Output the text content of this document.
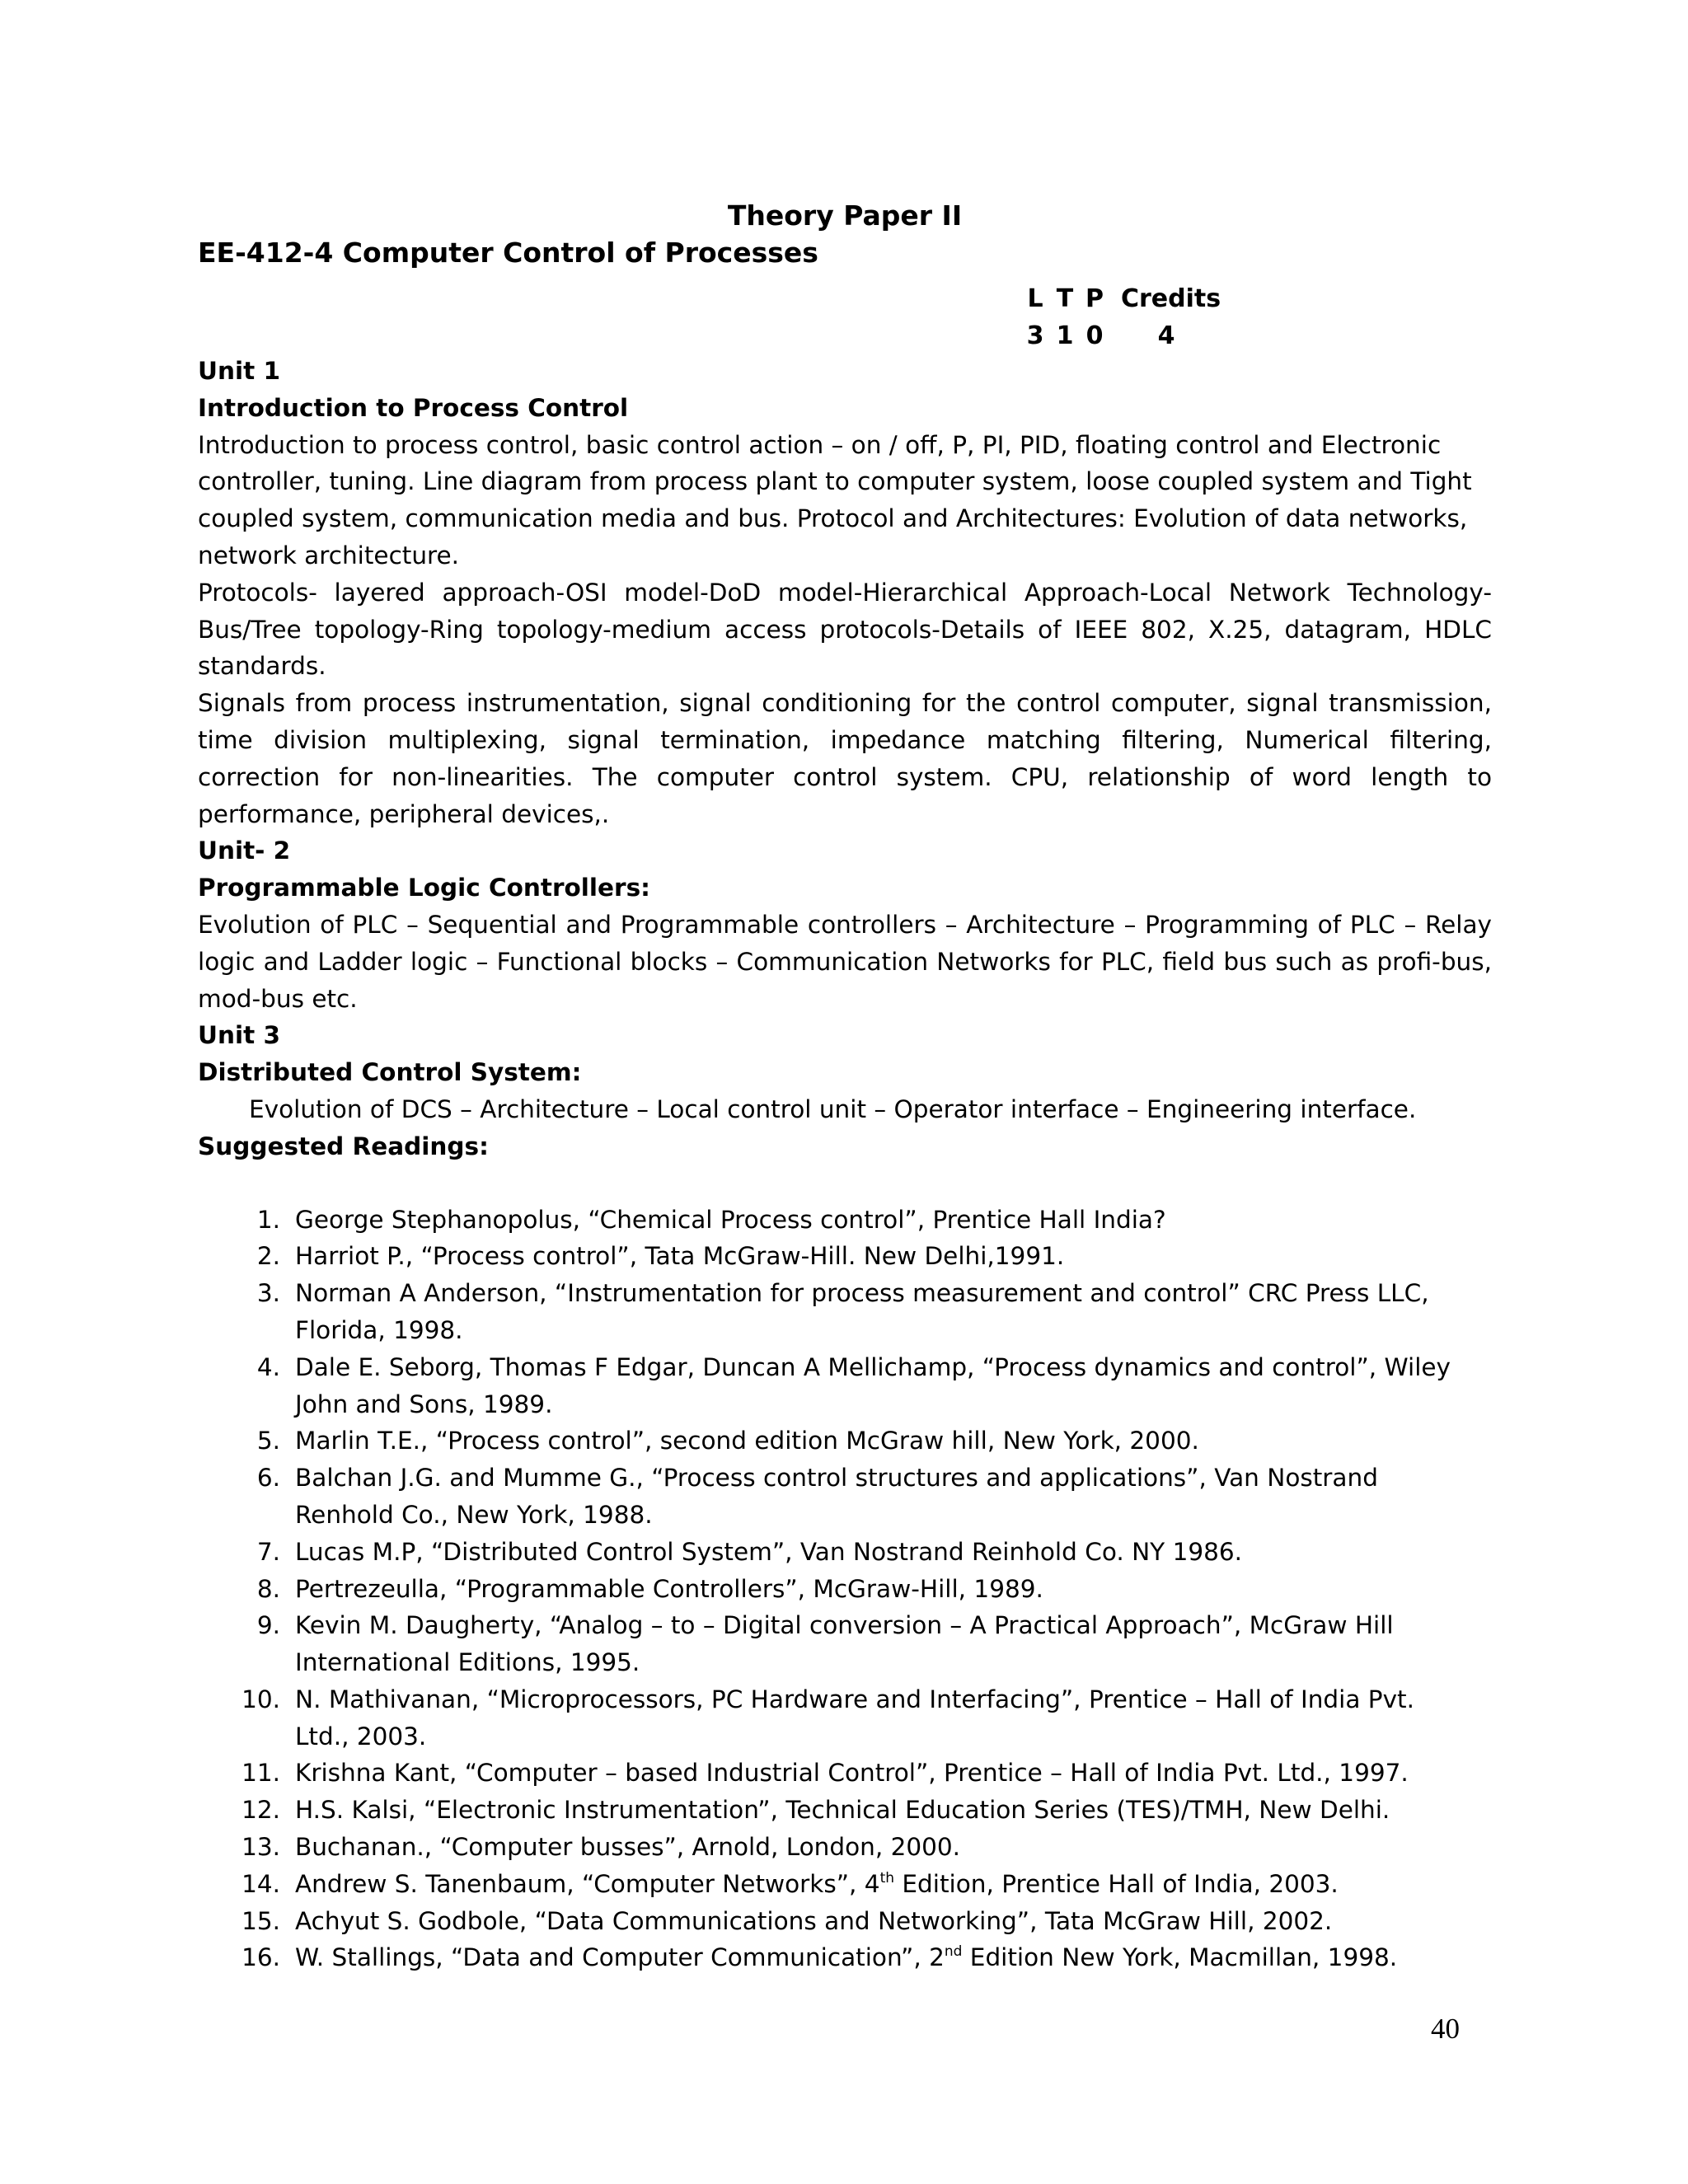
Theory Paper II

EE-412-4 Computer Control of Processes

L T P Credits
3 1 0	4

Unit 1

Introduction to Process Control

Introduction to process control, basic control action – on / off, P, PI, PID, floating control and Electronic controller, tuning. Line diagram from process plant to computer system, loose coupled system and Tight coupled system, communication media and bus. Protocol and Architectures: Evolution of data networks, network architecture.

Protocols- layered approach-OSI model-DoD model-Hierarchical Approach-Local Network Technology-Bus/Tree topology-Ring topology-medium access protocols-Details of IEEE 802, X.25, datagram, HDLC standards.

Signals from process instrumentation, signal conditioning for the control computer, signal transmission, time division multiplexing, signal termination, impedance matching filtering, Numerical filtering, correction for non-linearities. The computer control system. CPU, relationship of word length to performance, peripheral devices,.

Unit- 2

Programmable Logic Controllers:

Evolution of PLC – Sequential and Programmable controllers – Architecture – Programming of PLC – Relay logic and Ladder logic – Functional blocks – Communication Networks for PLC, field bus such as profi-bus, mod-bus etc.

Unit 3

Distributed Control System:

Evolution of DCS – Architecture – Local control unit – Operator interface – Engineering interface.

Suggested Readings:

1. George Stephanopolus, “Chemical Process control”, Prentice Hall India?
2. Harriot P., “Process control”, Tata McGraw-Hill. New Delhi,1991.
3. Norman A Anderson, “Instrumentation for process measurement and control” CRC Press LLC, Florida, 1998.
4. Dale E. Seborg, Thomas F Edgar, Duncan A Mellichamp, “Process dynamics and control”, Wiley John and Sons, 1989.
5. Marlin T.E., “Process control”, second edition McGraw hill, New York, 2000.
6. Balchan J.G. and Mumme G., “Process control structures and applications”, Van Nostrand Renhold Co., New York, 1988.
7. Lucas M.P, “Distributed Control System”, Van Nostrand Reinhold Co. NY 1986.
8. Pertrezeulla, “Programmable Controllers”, McGraw-Hill, 1989.
9. Kevin M. Daugherty, “Analog – to – Digital conversion – A Practical Approach”, McGraw Hill International Editions, 1995.
10. N. Mathivanan, “Microprocessors, PC Hardware and Interfacing”, Prentice – Hall of India Pvt. Ltd., 2003.
11. Krishna Kant, “Computer – based Industrial Control”, Prentice – Hall of India Pvt. Ltd., 1997.
12. H.S. Kalsi, “Electronic Instrumentation”, Technical Education Series (TES)/TMH, New Delhi.
13. Buchanan., “Computer busses”, Arnold, London, 2000.
14. Andrew S. Tanenbaum, “Computer Networks”, 4th Edition, Prentice Hall of India, 2003.
15. Achyut S. Godbole, “Data Communications and Networking”, Tata McGraw Hill, 2002.
16. W. Stallings, “Data and Computer Communication”, 2nd Edition New York, Macmillan, 1998.
40
